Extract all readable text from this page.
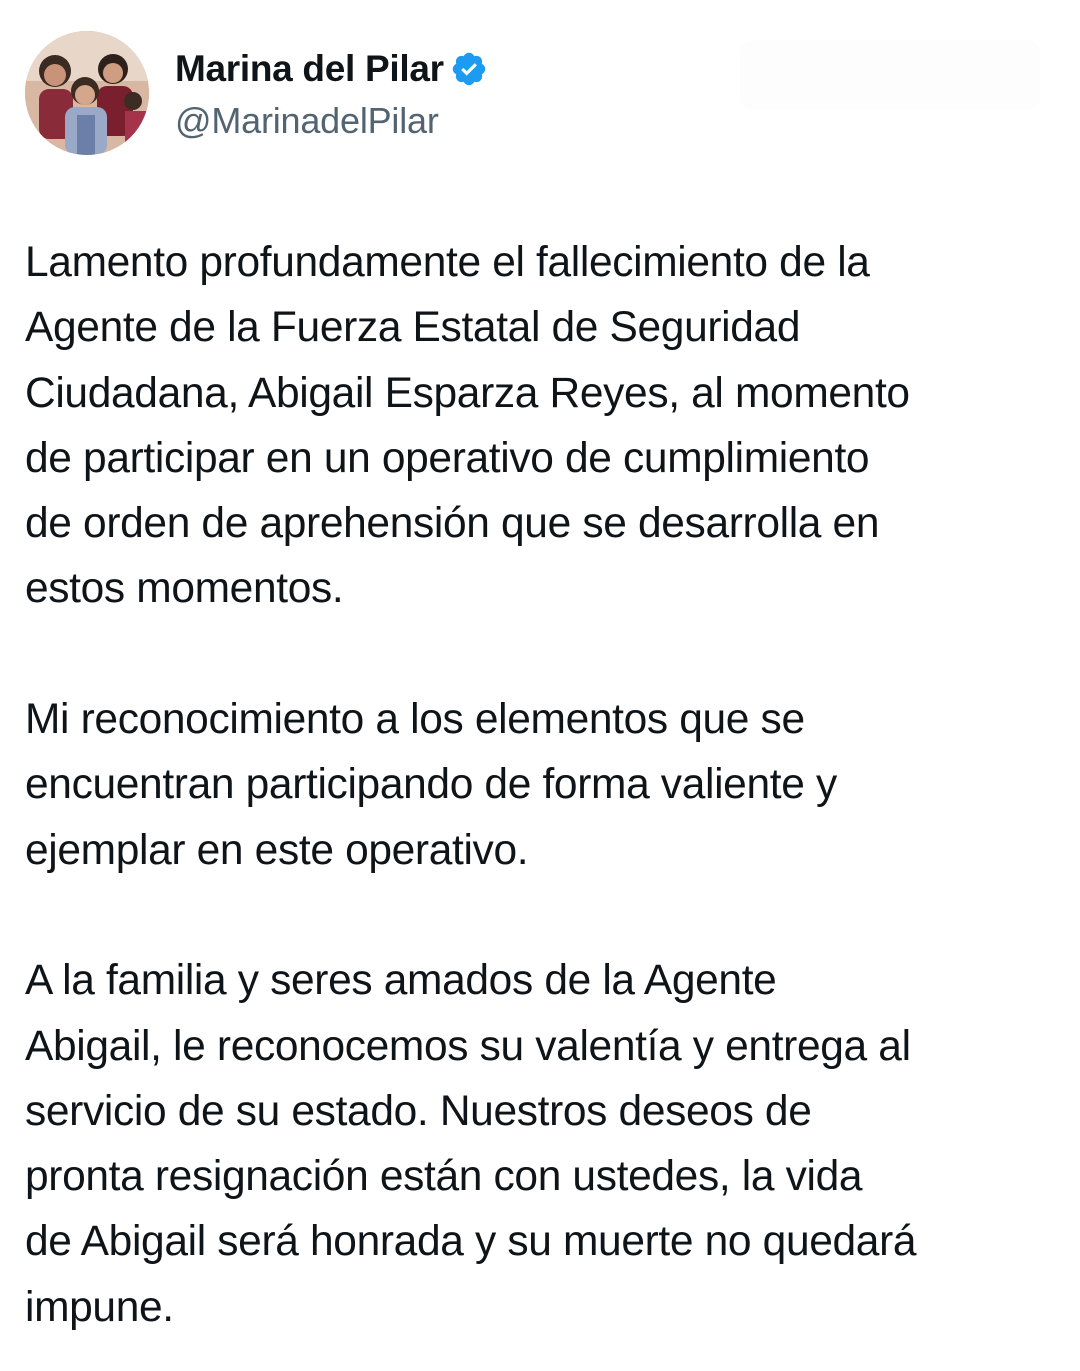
Marina del Pilar
@MarinadelPilar

Lamento profundamente el fallecimiento de la
Agente de la Fuerza Estatal de Seguridad
Ciudadana, Abigail Esparza Reyes, al momento
de participar en un operativo de cumplimiento
de orden de aprehensión que se desarrolla en
estos momentos.

Mi reconocimiento a los elementos que se
encuentran participando de forma valiente y
ejemplar en este operativo.

A la familia y seres amados de la Agente
Abigail, le reconocemos su valentía y entrega al
servicio de su estado. Nuestros deseos de
pronta resignación están con ustedes, la vida
de Abigail será honrada y su muerte no quedará
impune.
